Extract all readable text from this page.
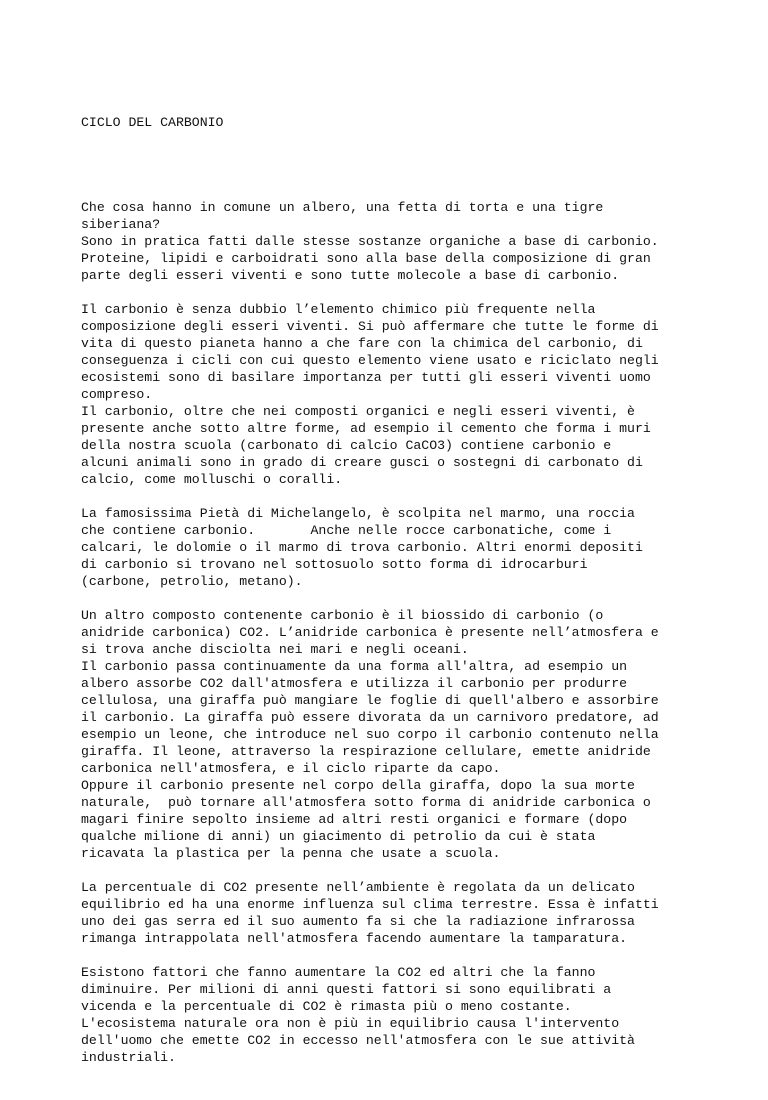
CICLO DEL CARBONIO

Che cosa hanno in comune un albero, una fetta di torta e una tigre
siberiana?
Sono in pratica fatti dalle stesse sostanze organiche a base di carbonio.
Proteine, lipidi e carboidrati sono alla base della composizione di gran
parte degli esseri viventi e sono tutte molecole a base di carbonio.
Il carbonio è senza dubbio l’elemento chimico più frequente nella
composizione degli esseri viventi. Si può affermare che tutte le forme di
vita di questo pianeta hanno a che fare con la chimica del carbonio, di
conseguenza i cicli con cui questo elemento viene usato e riciclato negli
ecosistemi sono di basilare importanza per tutti gli esseri viventi uomo
compreso.
Il carbonio, oltre che nei composti organici e negli esseri viventi, è
presente anche sotto altre forme, ad esempio il cemento che forma i muri
della nostra scuola (carbonato di calcio CaCO3) contiene carbonio e
alcuni animali sono in grado di creare gusci o sostegni di carbonato di
calcio, come molluschi o coralli.
La famosissima Pietà di Michelangelo, è scolpita nel marmo, una roccia
che contiene carbonio.       Anche nelle rocce carbonatiche, come i
calcari, le dolomie o il marmo di trova carbonio. Altri enormi depositi
di carbonio si trovano nel sottosuolo sotto forma di idrocarburi
(carbone, petrolio, metano).
Un altro composto contenente carbonio è il biossido di carbonio (o
anidride carbonica) CO2. L’anidride carbonica è presente nell’atmosfera e
si trova anche disciolta nei mari e negli oceani.
Il carbonio passa continuamente da una forma all'altra, ad esempio un
albero assorbe CO2 dall'atmosfera e utilizza il carbonio per produrre
cellulosa, una giraffa può mangiare le foglie di quell'albero e assorbire
il carbonio. La giraffa può essere divorata da un carnivoro predatore, ad
esempio un leone, che introduce nel suo corpo il carbonio contenuto nella
giraffa. Il leone, attraverso la respirazione cellulare, emette anidride
carbonica nell'atmosfera, e il ciclo riparte da capo.
Oppure il carbonio presente nel corpo della giraffa, dopo la sua morte
naturale,  può tornare all'atmosfera sotto forma di anidride carbonica o
magari finire sepolto insieme ad altri resti organici e formare (dopo
qualche milione di anni) un giacimento di petrolio da cui è stata
ricavata la plastica per la penna che usate a scuola.
La percentuale di CO2 presente nell’ambiente è regolata da un delicato
equilibrio ed ha una enorme influenza sul clima terrestre. Essa è infatti
uno dei gas serra ed il suo aumento fa si che la radiazione infrarossa
rimanga intrappolata nell'atmosfera facendo aumentare la tamparatura.
Esistono fattori che fanno aumentare la CO2 ed altri che la fanno
diminuire. Per milioni di anni questi fattori si sono equilibrati a
vicenda e la percentuale di CO2 è rimasta più o meno costante.
L'ecosistema naturale ora non è più in equilibrio causa l'intervento
dell'uomo che emette CO2 in eccesso nell'atmosfera con le sue attività
industriali.
